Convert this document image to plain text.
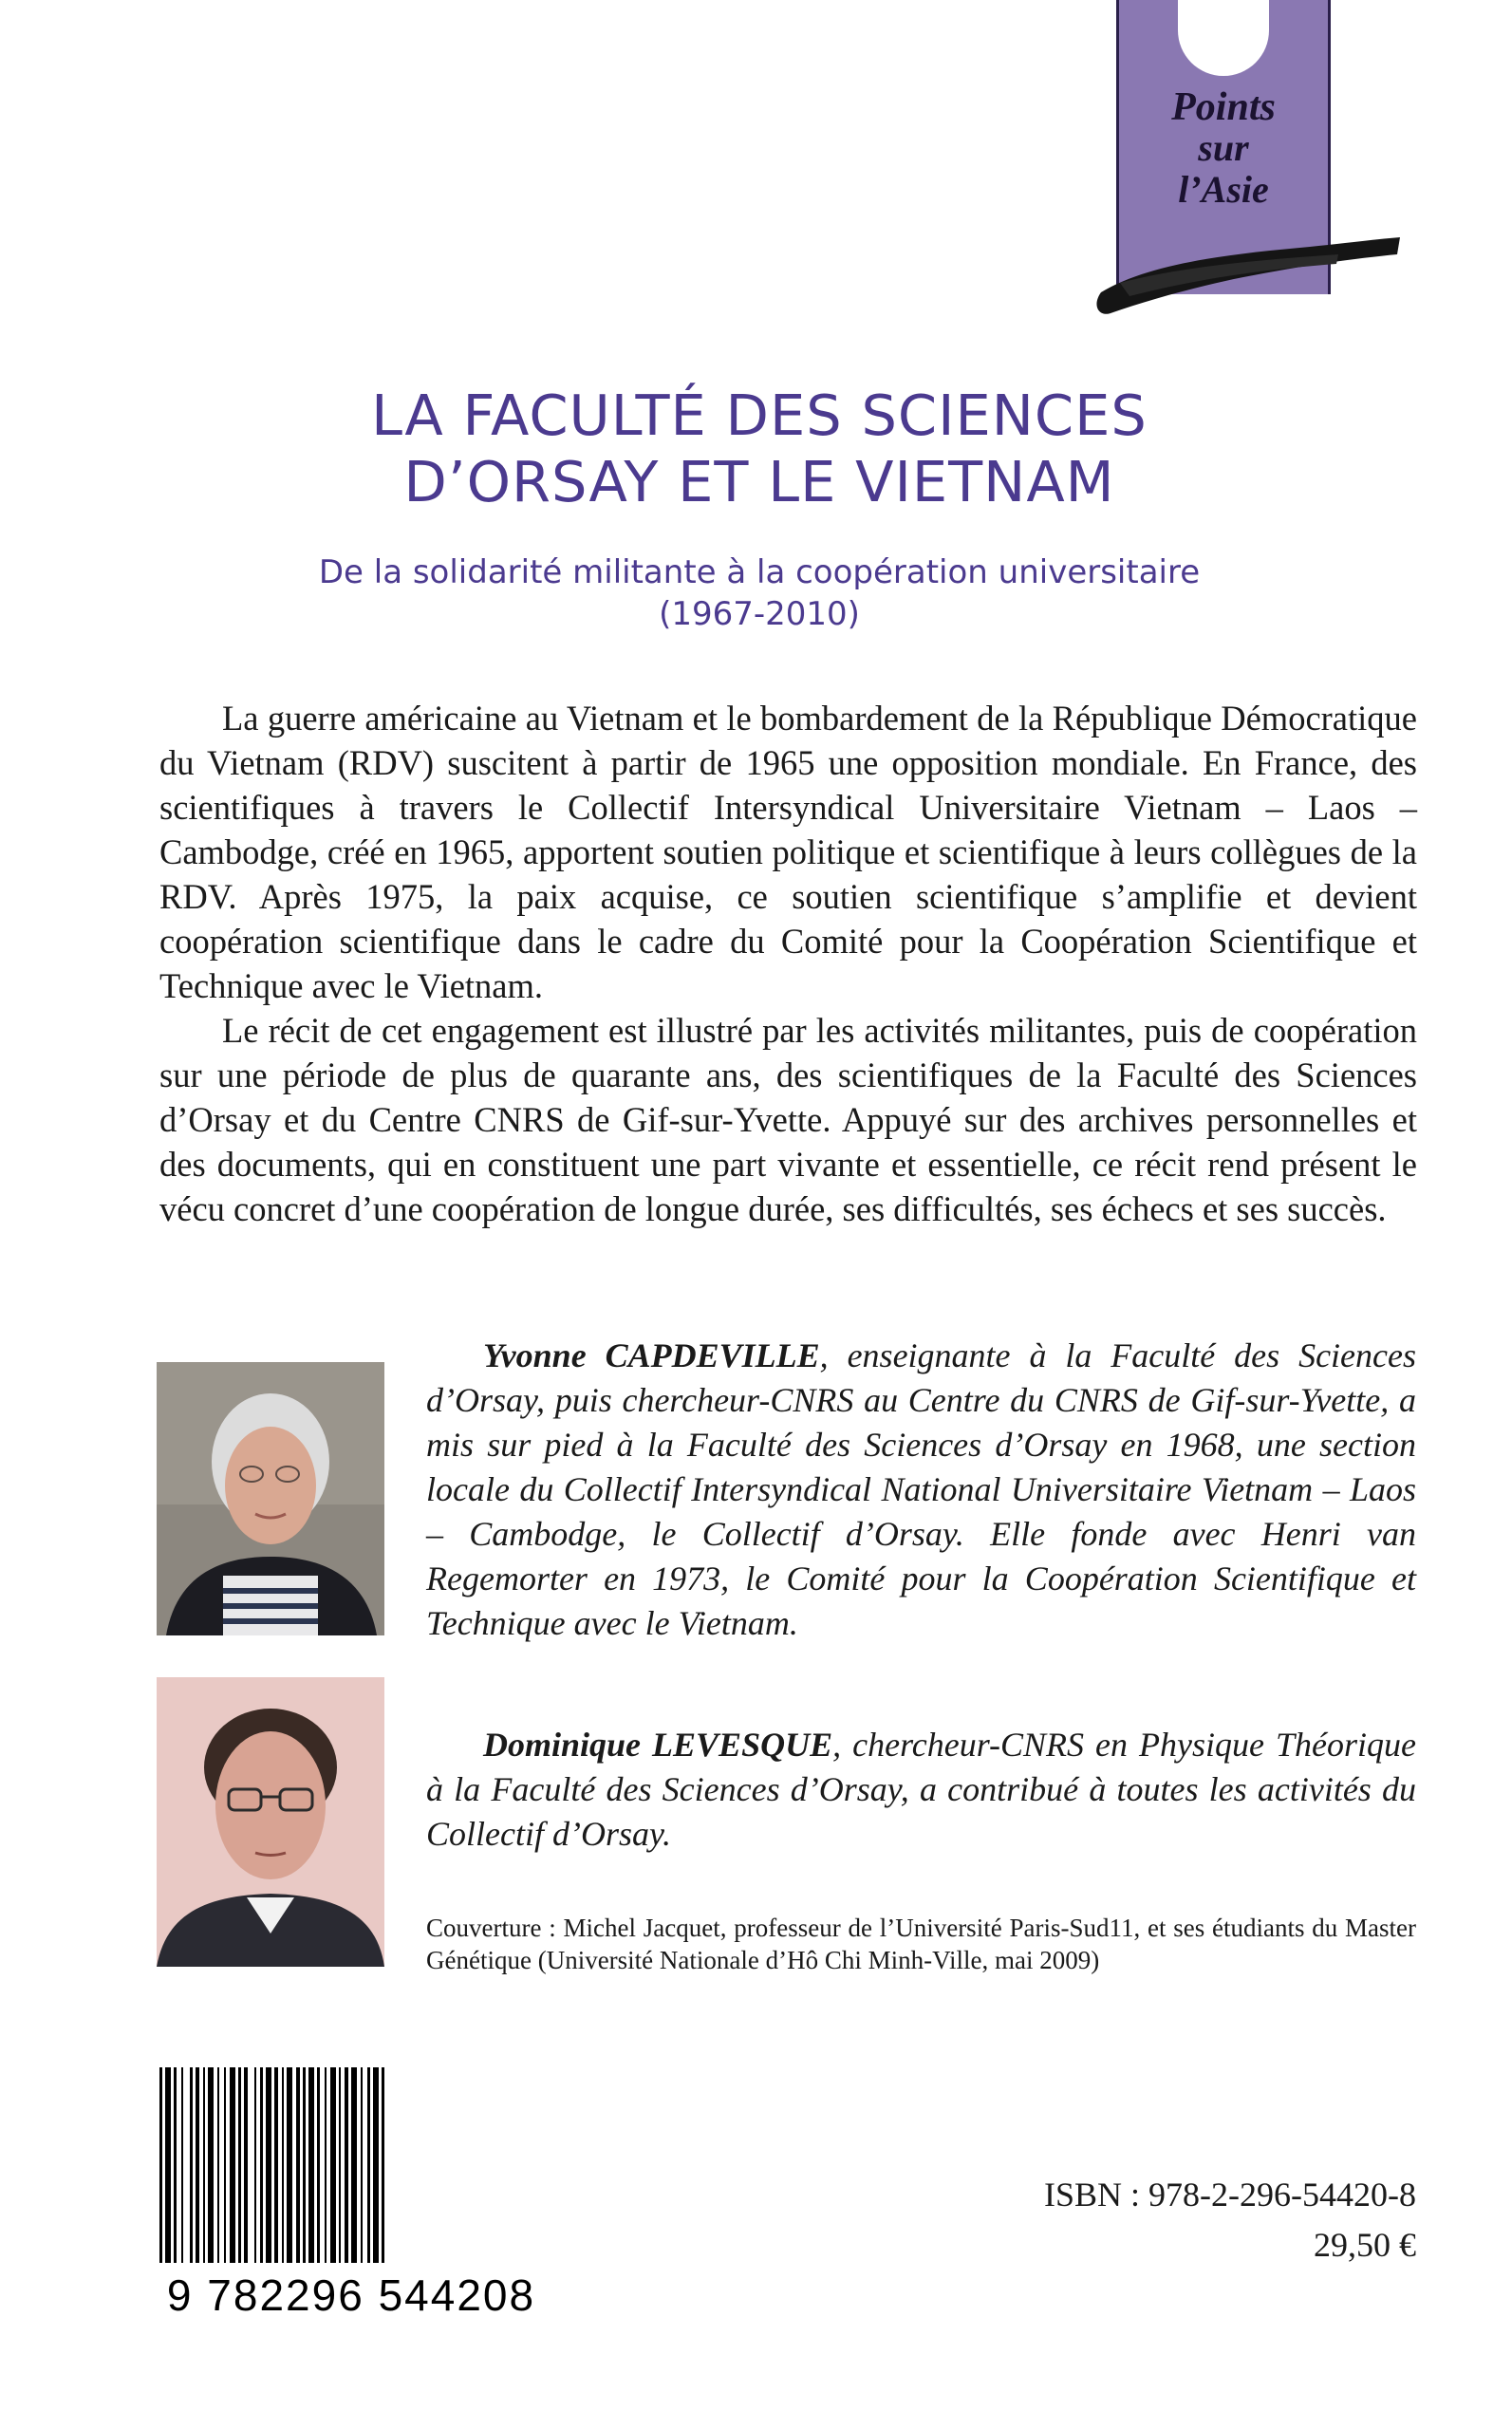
Points
sur
l’Asie
LA FACULTÉ DES SCIENCES
D’ORSAY ET LE VIETNAM
De la solidarité militante à la coopération universitaire
(1967-2010)

La guerre américaine au Vietnam et le bombardement de la République Démocratique du Vietnam (RDV) suscitent à partir de 1965 une opposition mondiale. En France, des scientifiques à travers le Collectif Intersyndical Universitaire Vietnam – Laos – Cambodge, créé en 1965, apportent soutien politique et scientifique à leurs collègues de la RDV. Après 1975, la paix acquise, ce soutien scientifique s’amplifie et devient coopération scientifique dans le cadre du Comité pour la Coopération Scientifique et Technique avec le Vietnam.

Le récit de cet engagement est illustré par les activités militantes, puis de coopération sur une période de plus de quarante ans, des scientifiques de la Faculté des Sciences d’Orsay et du Centre CNRS de Gif-sur-Yvette. Appuyé sur des archives personnelles et des documents, qui en constituent une part vivante et essentielle, ce récit rend présent le vécu concret d’une coopération de longue durée, ses difficultés, ses échecs et ses succès.

Yvonne CAPDEVILLE, enseignante à la Faculté des Sciences d’Orsay, puis chercheur-CNRS au Centre du CNRS de Gif-sur-Yvette, a mis sur pied à la Faculté des Sciences d’Orsay en 1968, une section locale du Collectif Intersyndical National Universitaire Vietnam – Laos – Cambodge, le Collectif d’Orsay. Elle fonde avec Henri van Regemorter en 1973, le Comité pour la Coopération Scientifique et Technique avec le Vietnam.

Dominique LEVESQUE, chercheur-CNRS en Physique Théorique à la Faculté des Sciences d’Orsay, a contribué à toutes les activités du Collectif d’Orsay.

Couverture : Michel Jacquet, professeur de l’Université Paris-Sud11, et ses étudiants du Master Génétique (Université Nationale d’Hô Chi Minh-Ville, mai 2009)

9 782296 544208
ISBN : 978-2-296-54420-8
29,50 €
